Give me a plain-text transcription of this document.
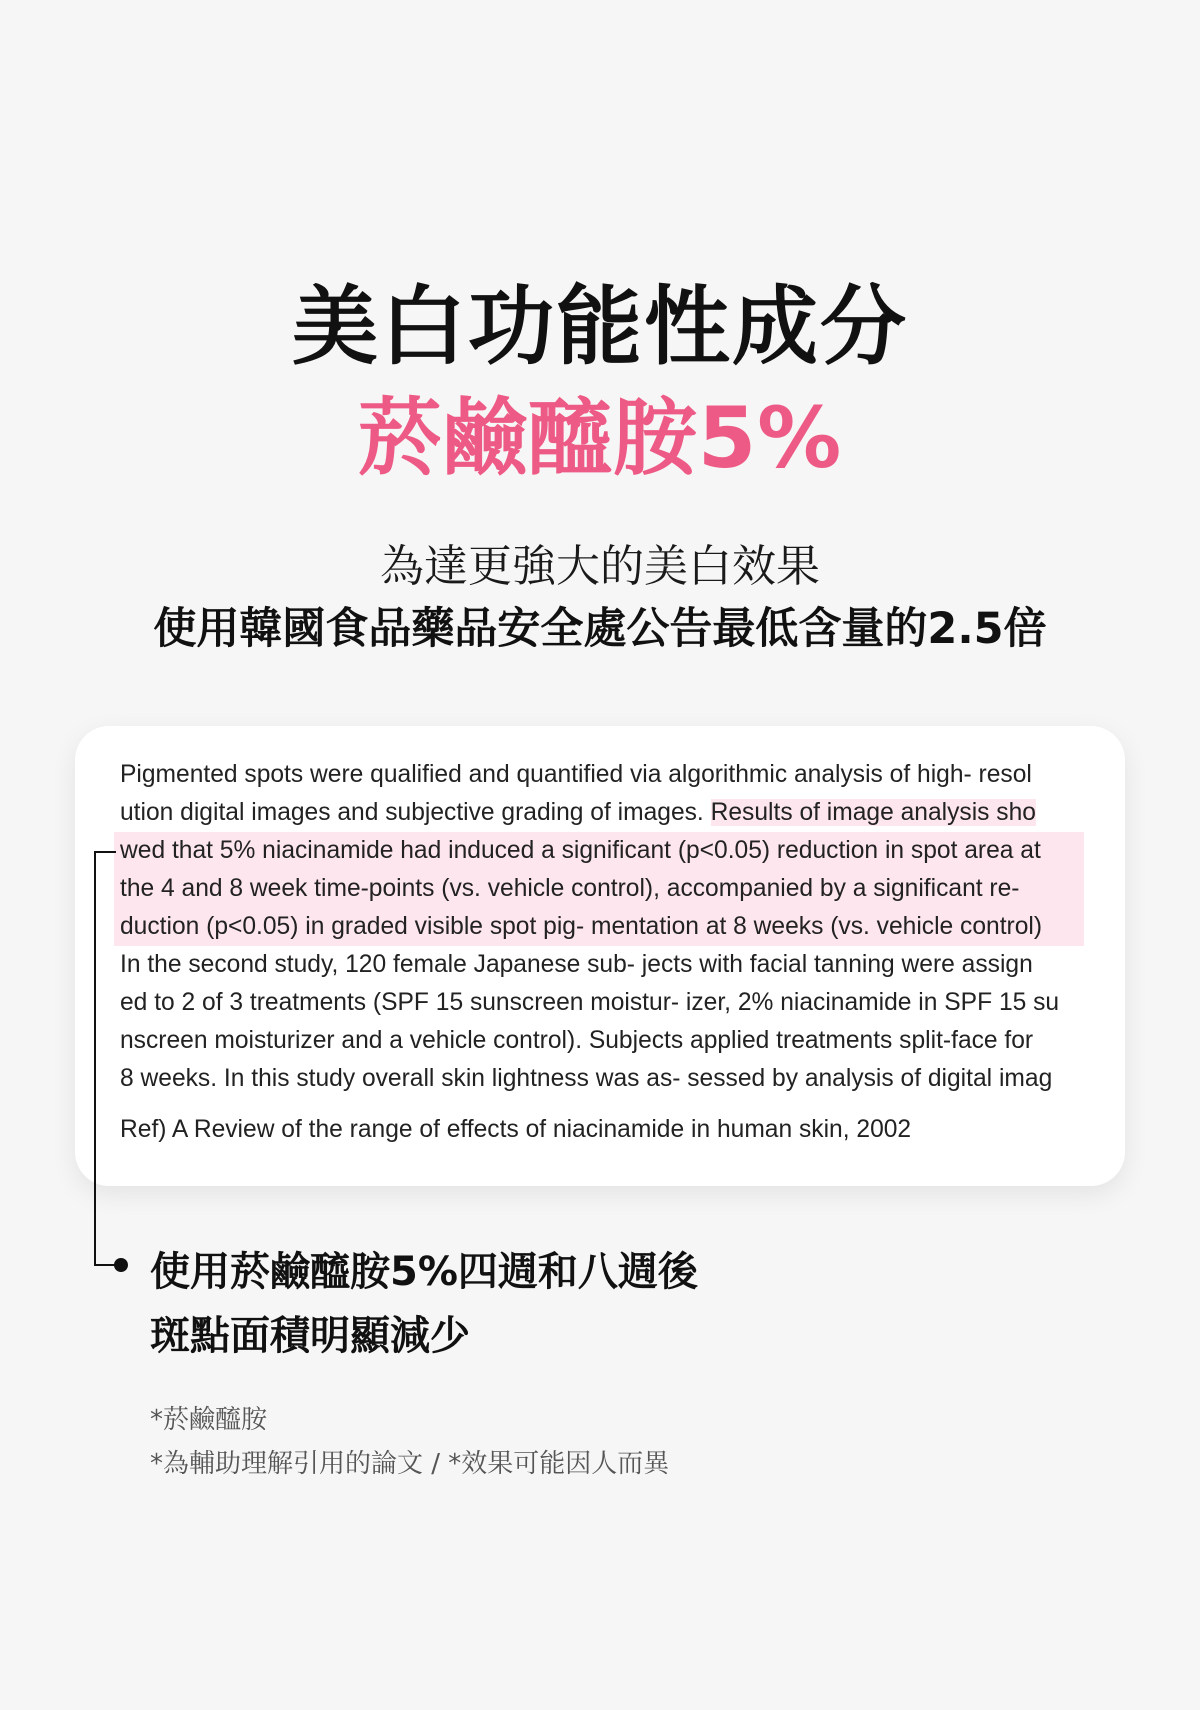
美白功能性成分
菸鹼醯胺5%
為達更強大的美白效果
使用韓國食品藥品安全處公告最低含量的2.5倍
Pigmented spots were qualified and quantified via algorithmic analysis of high- resol
ution digital images and subjective grading of images. Results of image analysis sho
wed that 5% niacinamide had induced a significant (p<0.05) reduction in spot area at
the 4 and 8 week time-points (vs. vehicle control), accompanied by a significant re-
duction (p<0.05) in graded visible spot pig- mentation at 8 weeks (vs. vehicle control)
In the second study, 120 female Japanese sub- jects with facial tanning were assign
ed to 2 of 3 treatments (SPF 15 sunscreen moistur- izer, 2% niacinamide in SPF 15 su
nscreen moisturizer and a vehicle control). Subjects applied treatments split-face for
8 weeks. In this study overall skin lightness was as- sessed by analysis of digital imag
Ref) A Review of the range of effects of niacinamide in human skin, 2002
使用菸鹼醯胺5%四週和八週後
斑點面積明顯減少
*菸鹼醯胺
*為輔助理解引用的論文 / *效果可能因人而異
